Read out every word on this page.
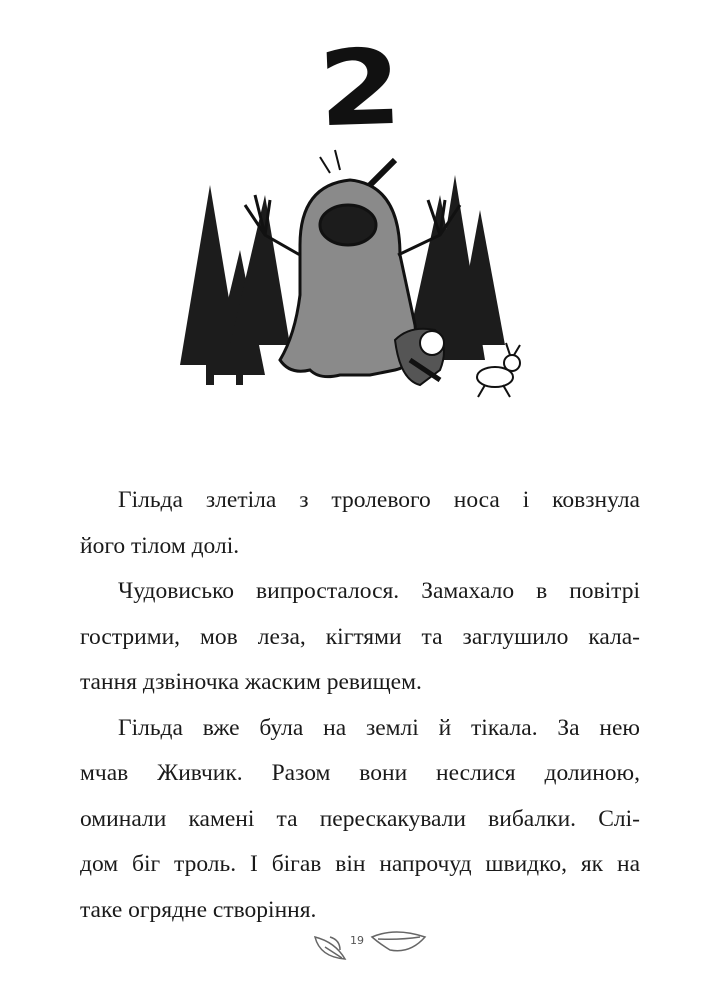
2
Гільда злетіла з тролевого носа і ковзнула
його тілом долі.
Чудовисько випросталося. Замахало в повітрі
гострими, мов леза, кігтями та заглушило кала-
тання дзвіночка жаским ревищем.
Гільда вже була на землі й тікала. За нею
мчав Живчик. Разом вони неслися долиною,
оминали камені та перескакували вибалки. Слі-
дом біг троль. І бігав він напрочуд швидко, як на
таке огрядне створіння.
19
